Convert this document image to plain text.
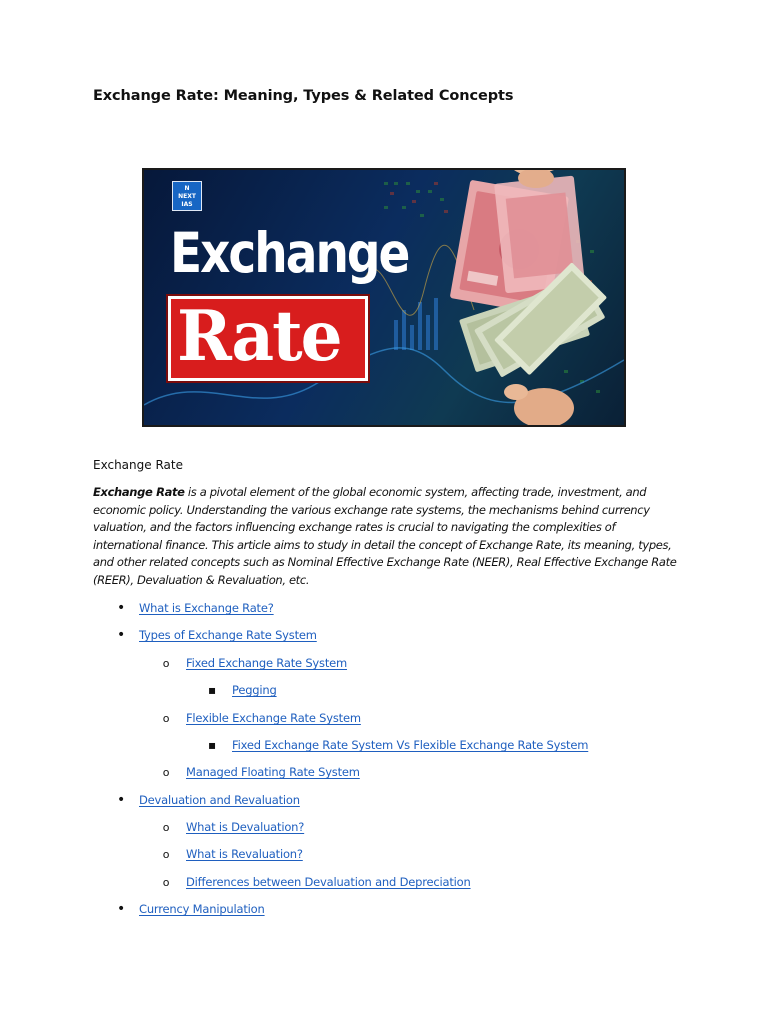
Exchange Rate: Meaning, Types & Related Concepts
N
NEXT
IAS
Exchange
Rate

Exchange Rate

Exchange Rate is a pivotal element of the global economic system, affecting trade, investment, and economic policy. Understanding the various exchange rate systems, the mechanisms behind currency valuation, and the factors influencing exchange rates is crucial to navigating the complexities of international finance. This article aims to study in detail the concept of Exchange Rate, its meaning, types, and other related concepts such as Nominal Effective Exchange Rate (NEER), Real Effective Exchange Rate (REER), Devaluation & Revaluation, etc.

•
What is Exchange Rate?
•
Types of Exchange Rate System
o
Fixed Exchange Rate System
▪
Pegging
o
Flexible Exchange Rate System
▪
Fixed Exchange Rate System Vs Flexible Exchange Rate System
o
Managed Floating Rate System
•
Devaluation and Revaluation
o
What is Devaluation?
o
What is Revaluation?
o
Differences between Devaluation and Depreciation
•
Currency Manipulation
